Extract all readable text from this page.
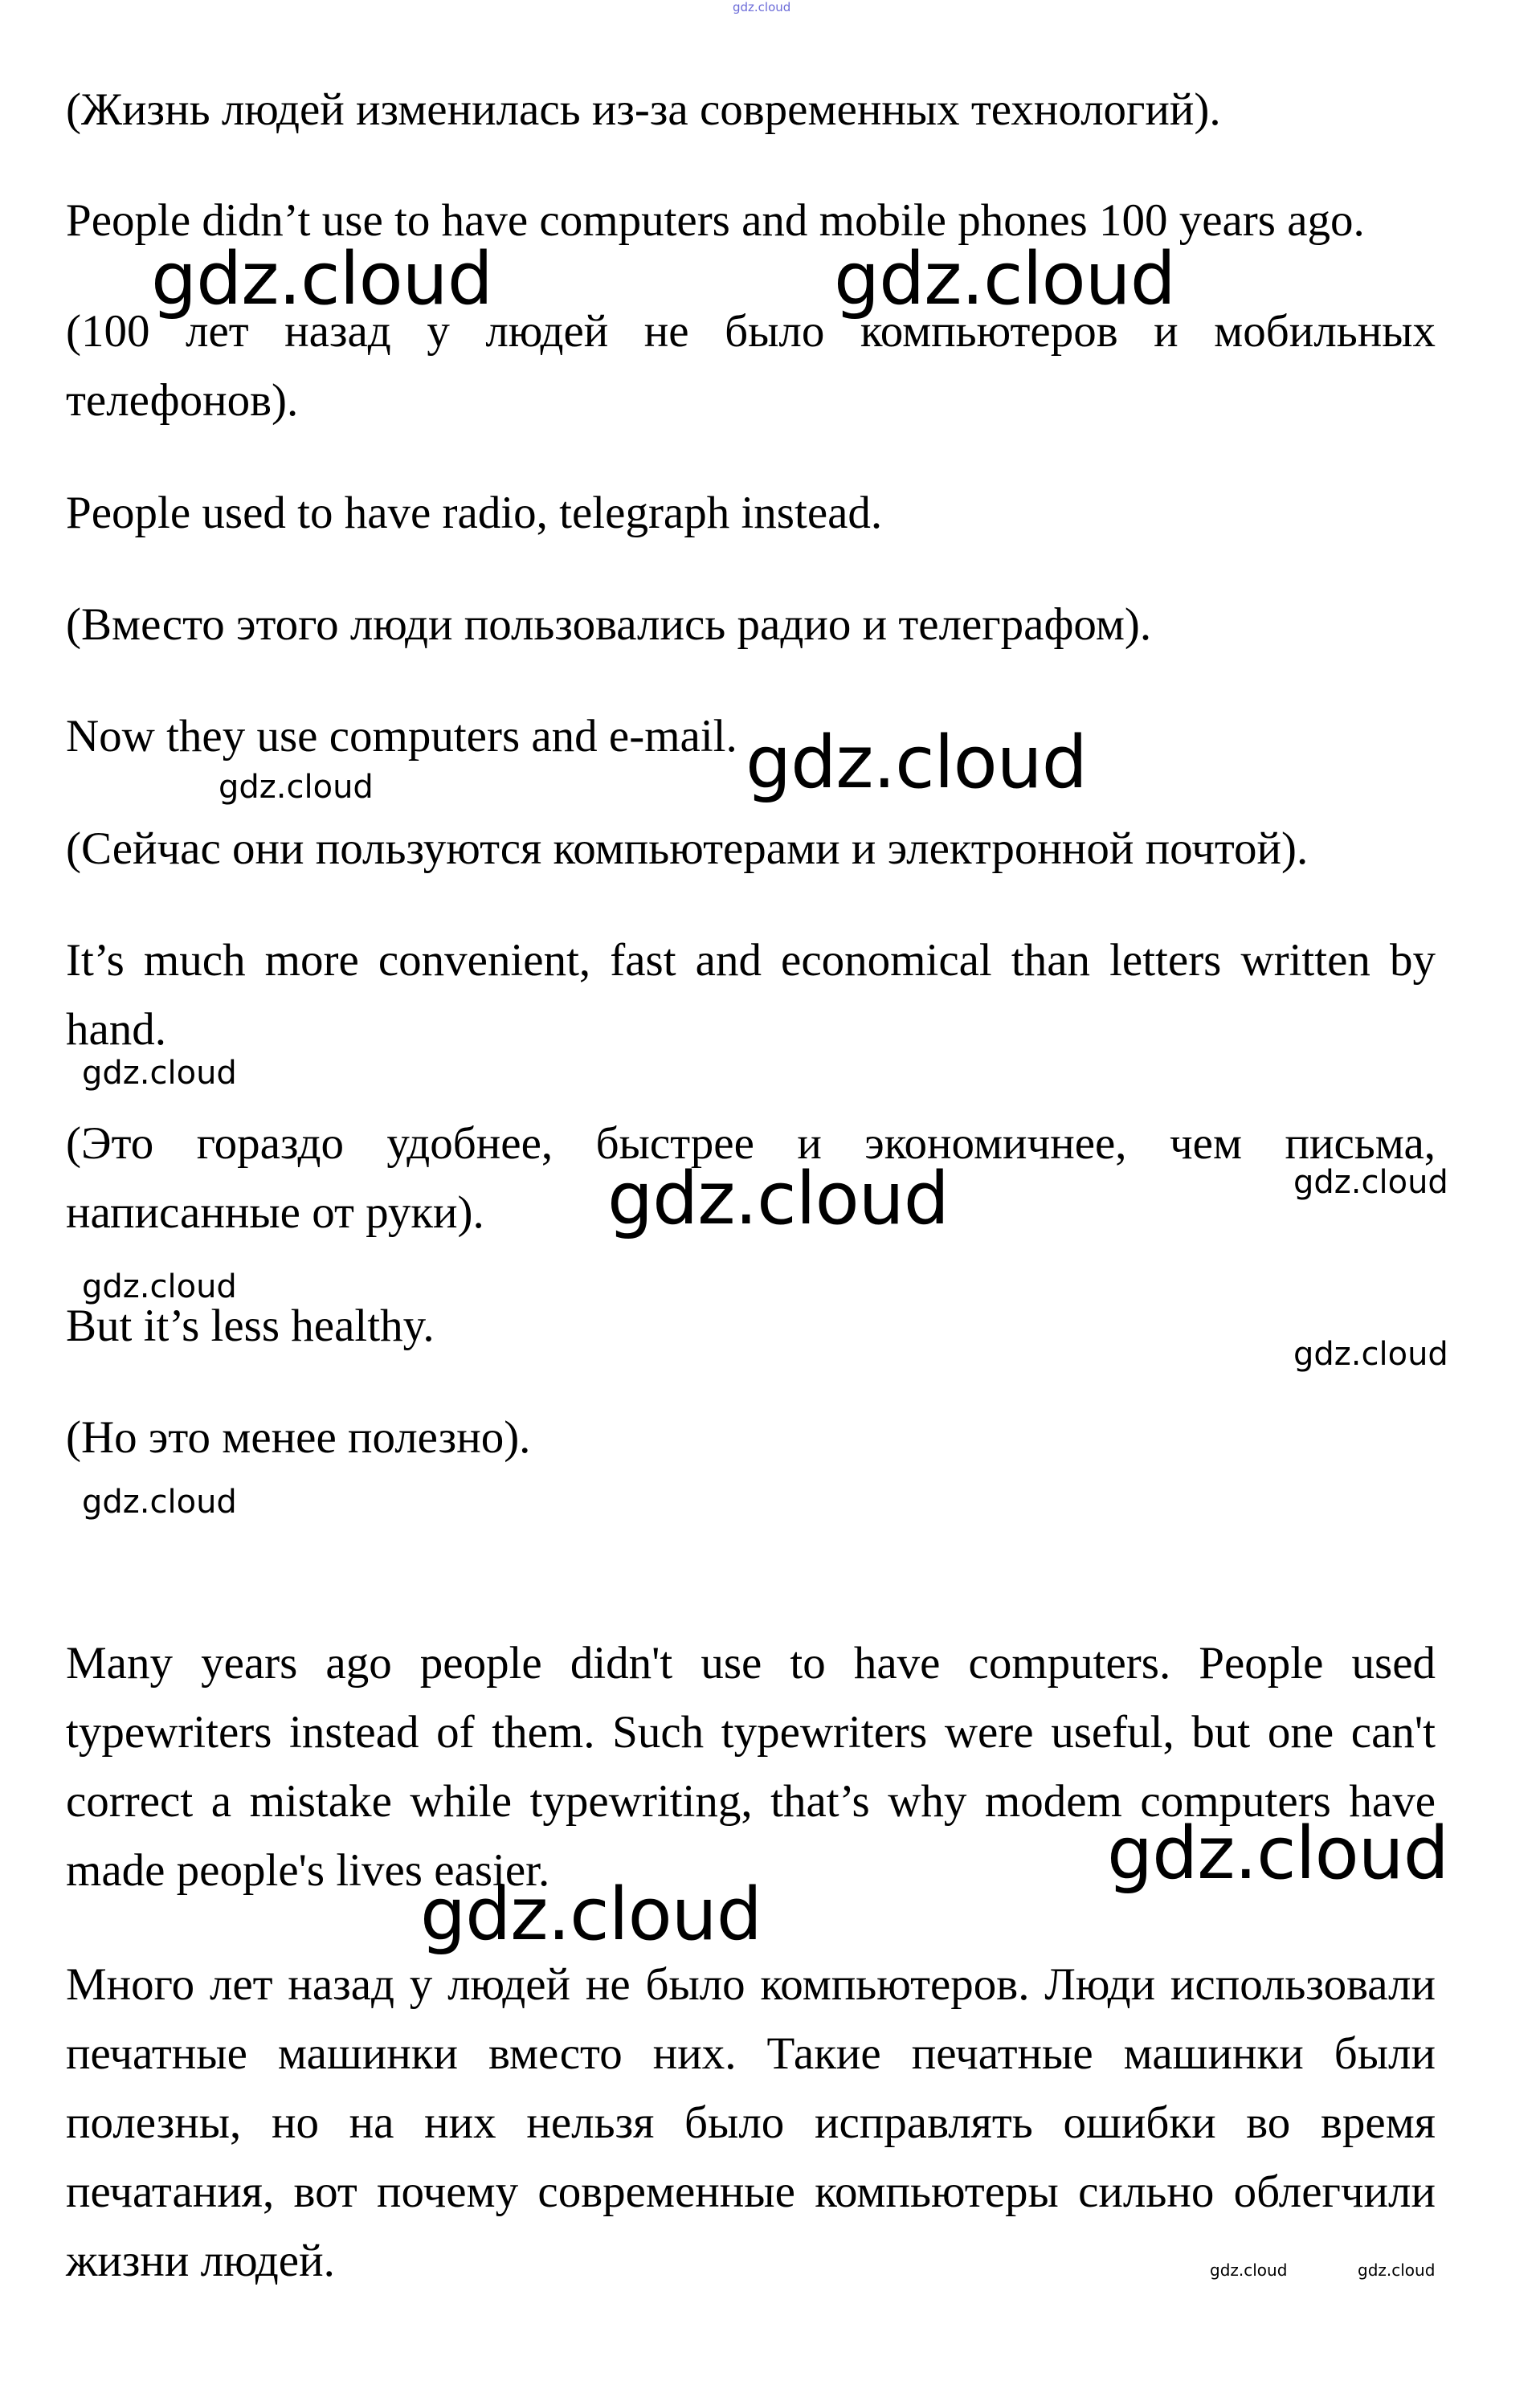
gdz.cloud

(Жизнь людей изменилась из-за современных технологий).

People didn’t use to have computers and mobile phones 100 years ago.

(100 лет назад у людей не было компьютеров и мобильных телефонов).

People used to have radio, telegraph instead.

(Вместо этого люди пользовались радио и телеграфом).

Now they use computers and e-mail.

(Сейчас они пользуются компьютерами и электронной почтой).

It’s much more convenient, fast and economical than letters written by hand.

(Это гораздо удобнее, быстрее и экономичнее, чем письма, написанные от руки).

But it’s less healthy.

(Но это менее полезно).

Many years ago people didn't use to have computers. People used typewriters instead of them. Such typewriters were useful, but one can't correct a mistake while typewriting, that’s why modem computers have made people's lives easier.

Много лет назад у людей не было компьютеров. Люди использовали печатные машинки вместо них. Такие печатные машинки были полезны, но на них нельзя было исправлять ошибки во время печатания, вот почему современные компьютеры сильно облегчили жизни людей.

gdz.cloud	gdz.cloud
gdz.cloud
gdz.cloud
gdz.cloud
gdz.cloud
gdz.cloud
gdz.cloud
gdz.cloud
gdz.cloud
gdz.cloud
gdz.cloud
gdz.cloud	gdz.cloud
